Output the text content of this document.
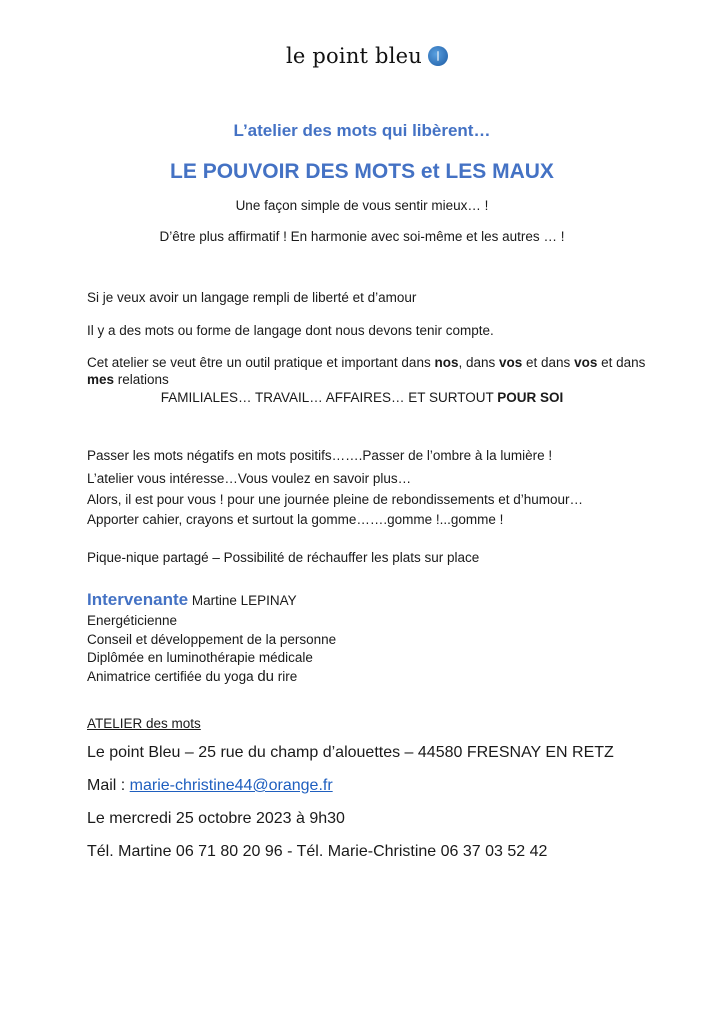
le point bleu
L’atelier des mots qui libèrent…
LE POUVOIR DES MOTS et LES MAUX
Une façon simple de vous sentir mieux… !
D’être plus affirmatif ! En harmonie avec soi-même et les autres … !
Si je veux avoir un langage rempli de liberté et d’amour
Il y a des mots ou forme de langage dont nous devons tenir compte.
Cet atelier se veut être un outil pratique et important dans nos, dans vos et dans vos et dans
mes relations
FAMILIALES… TRAVAIL… AFFAIRES… ET SURTOUT POUR SOI
Passer les mots négatifs en mots positifs…….Passer de l’ombre à la lumière !
L’atelier vous intéresse…Vous voulez en savoir plus…
Alors, il est pour vous ! pour une journée pleine de rebondissements et d’humour…
Apporter cahier, crayons et surtout la gomme…….gomme !...gomme !
Pique-nique partagé – Possibilité de réchauffer les plats sur place
Intervenante Martine LEPINAY
Energéticienne
Conseil et développement de la personne
Diplômée en luminothérapie médicale
Animatrice certifiée du yoga du rire
ATELIER des mots
Le point Bleu – 25 rue du champ d’alouettes – 44580 FRESNAY EN RETZ
Mail : marie-christine44@orange.fr
Le mercredi 25 octobre 2023 à 9h30
Tél. Martine 06 71 80 20 96 - Tél. Marie-Christine 06 37 03 52 42
